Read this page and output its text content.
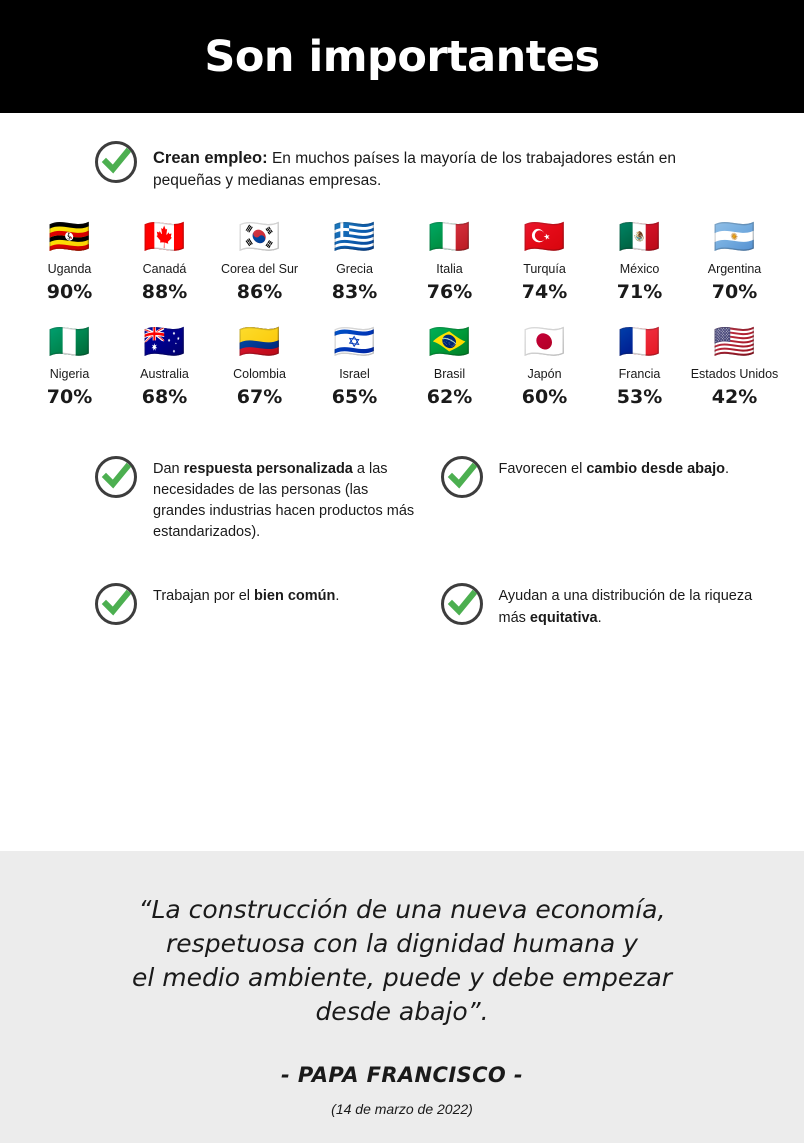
Son importantes
Crean empleo: En muchos países la mayoría de los trabajadores están en pequeñas y medianas empresas.
🇺🇬
Uganda
90%
🇨🇦
Canadá
88%
🇰🇷
Corea del Sur
86%
🇬🇷
Grecia
83%
🇮🇹
Italia
76%
🇹🇷
Turquía
74%
🇲🇽
México
71%
🇦🇷
Argentina
70%
🇳🇬
Nigeria
70%
🇦🇺
Australia
68%
🇨🇴
Colombia
67%
🇮🇱
Israel
65%
🇧🇷
Brasil
62%
🇯🇵
Japón
60%
🇫🇷
Francia
53%
🇺🇸
Estados Unidos
42%
Dan respuesta personalizada a las necesidades de las personas (las grandes industrias hacen productos más estandarizados).
Favorecen el cambio desde abajo.
Trabajan por el bien común.	Ayudan a una distribución de la riqueza más equitativa.
“La construcción de una nueva economía,
respetuosa con la dignidad humana y
el medio ambiente, puede y debe empezar
desde abajo”.
- PAPA FRANCISCO -
(14 de marzo de 2022)
